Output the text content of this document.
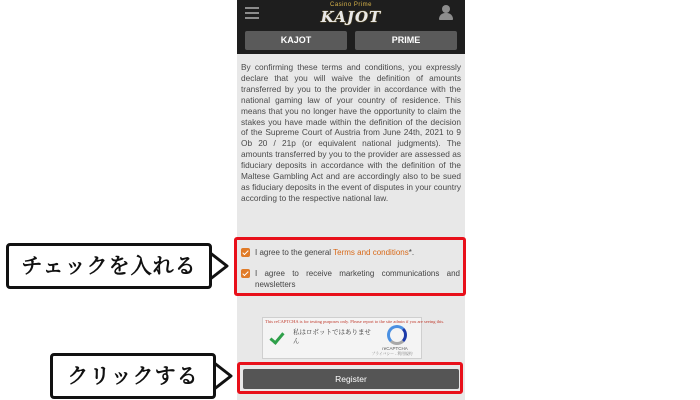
Casino Prime
KAJOT
KAJOT	PRIME
By confirming these terms and conditions, you expressly declare that you will waive the definition of amounts transferred by you to the provider in accordance with the national gaming law of your country of residence. This means that you no longer have the opportunity to claim the stakes you have made within the definition of the decision of the Supreme Court of Austria from June 24th, 2021 to 9 Ob 20 / 21p (or equivalent national judgments). The amounts transferred by you to the provider are assessed as fiduciary deposits in accordance with the definition of the Maltese Gambling Act and are accordingly also to be sued as fiduciary deposits in the event of disputes in your country according to the respective national law.
I agree to the general Terms and conditions*.
I agree to receive marketing communications and newsletters
This reCAPTCHA is for testing purposes only. Please report to the site admin if you are seeing this.
私はロボットではありません
reCAPTCHA
プライバシー - 利用規約
Register
チェックを入れる
クリックする
